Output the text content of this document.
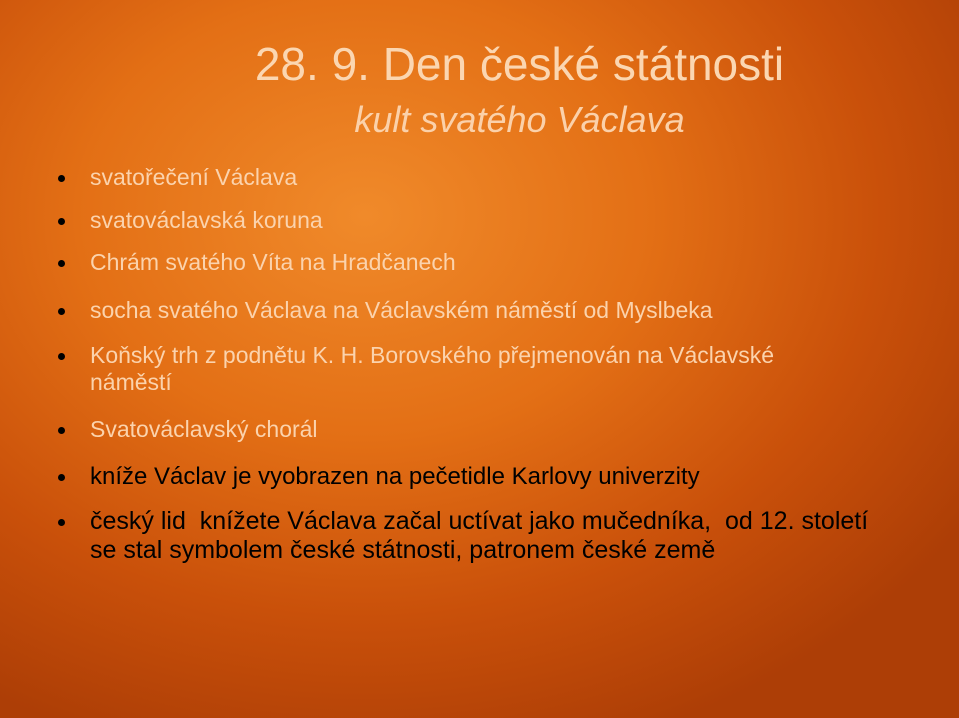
28. 9. Den české státnosti
kult svatého Václava
svatořečení Václava
svatováclavská koruna
Chrám svatého Víta na Hradčanech
socha svatého Václava na Václavském náměstí od Myslbeka
Koňský trh z podnětu K. H. Borovského přejmenován na Václavské náměstí
Svatováclavský chorál
kníže Václav je vyobrazen na pečetidle Karlovy univerzity
český lid  knížete Václava začal uctívat jako mučedníka,  od 12. století se stal symbolem české státnosti, patronem české země
